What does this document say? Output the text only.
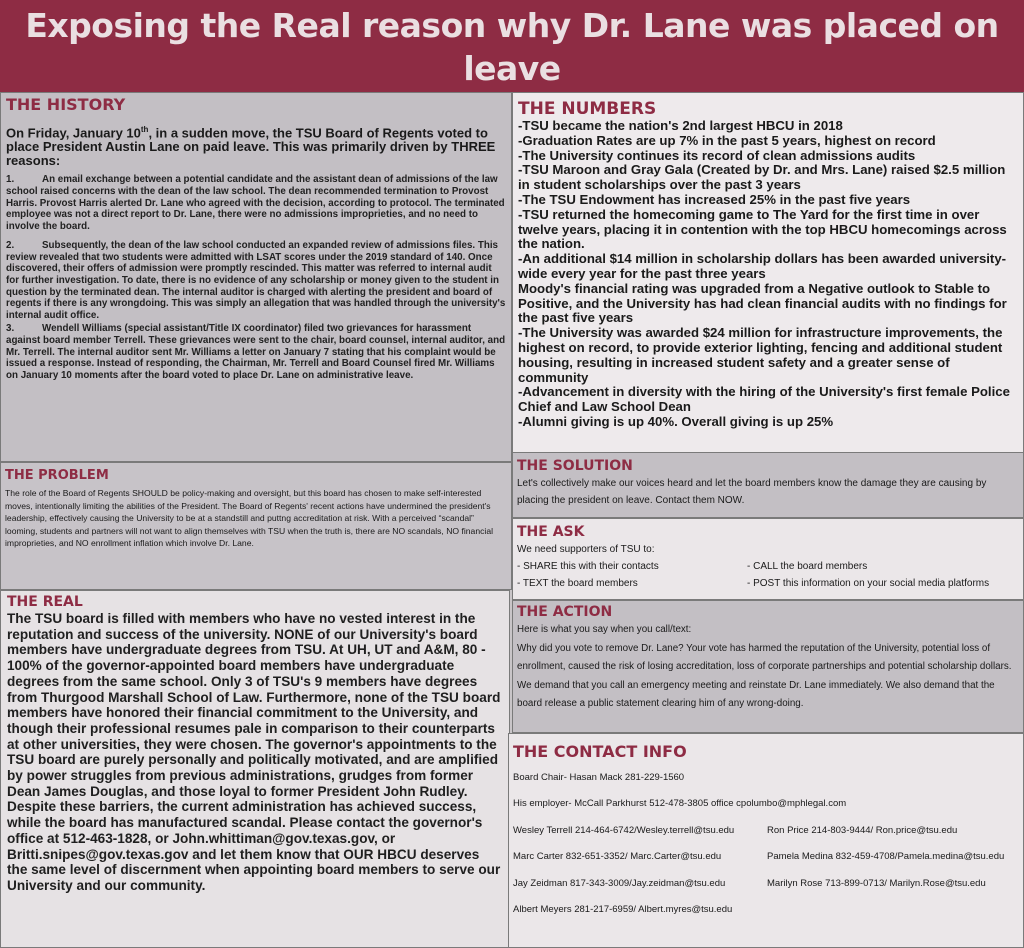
Exposing the Real reason why Dr. Lane was placed on leave
THE HISTORY
On Friday, January 10th, in a sudden move, the TSU Board of Regents voted to place President Austin Lane on paid leave. This was primarily driven by THREE reasons:
1.	An email exchange between a potential candidate and the assistant dean of admissions of the law school raised concerns with the dean of the law school. The dean recommended termination to Provost Harris. Provost Harris alerted Dr. Lane who agreed with the decision, according to protocol. The terminated employee was not a direct report to Dr. Lane, there were no admissions improprieties, and no need to involve the board.
2.	Subsequently, the dean of the law school conducted an expanded review of admissions files. This review revealed that two students were admitted with LSAT scores under the 2019 standard of 140. Once discovered, their offers of admission were promptly rescinded. This matter was referred to internal audit for further investigation. To date, there is no evidence of any scholarship or money given to the student in question by the terminated dean. The internal auditor is charged with alerting the president and board of regents if there is any wrongdoing. This was simply an allegation that was handled through the university's internal audit office.
3.	Wendell Williams (special assistant/Title IX coordinator) filed two grievances for harassment against board member Terrell. These grievances were sent to the chair, board counsel, internal auditor, and Mr. Terrell. The internal auditor sent Mr. Williams a letter on January 7 stating that his complaint would be issued a response. Instead of responding, the Chairman, Mr. Terrell and Board Counsel fired Mr. Williams on January 10 moments after the board voted to place Dr. Lane on administrative leave.
THE NUMBERS
-TSU became the nation's 2nd largest HBCU in 2018
-Graduation Rates are up 7% in the past 5 years, highest on record
-The University continues its record of clean admissions audits
-TSU Maroon and Gray Gala (Created by Dr. and Mrs. Lane) raised $2.5 million in student scholarships over the past 3 years
-The TSU Endowment has increased 25% in the past five years
-TSU returned the homecoming game to The Yard for the first time in over twelve years, placing it in contention with the top HBCU homecomings across the nation.
-An additional $14 million in scholarship dollars has been awarded university-wide every year for the past three years
Moody's financial rating was upgraded from a Negative outlook to Stable to Positive, and the University has had clean financial audits with no findings for the past five years
-The University was awarded $24 million for infrastructure improvements, the highest on record, to provide exterior lighting, fencing and additional student housing, resulting in increased student safety and a greater sense of community
-Advancement in diversity with the hiring of the University's first female Police Chief and Law School Dean
-Alumni giving is up 40%. Overall giving is up 25%
THE PROBLEM
The role of the Board of Regents SHOULD be policy-making and oversight, but this board has chosen to make self-interested moves, intentionally limiting the abilities of the President. The Board of Regents' recent actions have undermined the president's leadership, effectively causing the University to be at a standstill and puttng accreditation at risk. With a perceived “scandal” looming, students and partners will not want to align themselves with TSU when the truth is, there are NO scandals, NO financial improprieties, and NO enrollment inflation which involve Dr. Lane.
THE SOLUTION
Let's collectively make our voices heard and let the board members know the damage they are causing by placing the president on leave. Contact them NOW.
THE ASK
We need supporters of TSU to:
- SHARE this with their contacts	- CALL the board members
- TEXT the board members	- POST this information on your social media platforms
THE REAL
The TSU board is filled with members who have no vested interest in the reputation and success of the university. NONE of our University's board members have undergraduate degrees from TSU. At UH, UT and A&M, 80 - 100% of the governor-appointed board members have undergraduate degrees from the same school. Only 3 of TSU's 9 members have degrees from Thurgood Marshall School of Law. Furthermore, none of the TSU board members have honored their financial commitment to the University, and though their professional resumes pale in comparison to their counterparts at other universities, they were chosen. The governor's appointments to the TSU board are purely personally and politically motivated, and are amplified by power struggles from previous administrations, grudges from former Dean James Douglas, and those loyal to former President John Rudley. Despite these barriers, the current administration has achieved success, while the board has manufactured scandal. Please contact the governor's office at 512-463-1828, or John.whittiman@gov.texas.gov, or Britti.snipes@gov.texas.gov and let them know that OUR HBCU deserves the same level of discernment when appointing board members to serve our University and our community.
THE ACTION
Here is what you say when you call/text:
Why did you vote to remove Dr. Lane? Your vote has harmed the reputation of the University, potential loss of enrollment, caused the risk of losing accreditation, loss of corporate partnerships and potential scholarship dollars. We demand that you call an emergency meeting and reinstate Dr. Lane immediately. We also demand that the board release a public statement clearing him of any wrong-doing.
THE CONTACT INFO
Board Chair- Hasan Mack 281-229-1560
His employer- McCall Parkhurst 512-478-3805 office cpolumbo@mphlegal.com
Wesley Terrell 214-464-6742/Wesley.terrell@tsu.edu	Ron Price 214-803-9444/ Ron.price@tsu.edu
Marc Carter 832-651-3352/ Marc.Carter@tsu.edu	Pamela Medina 832-459-4708/Pamela.medina@tsu.edu
Jay Zeidman 817-343-3009/Jay.zeidman@tsu.edu	Marilyn Rose 713-899-0713/ Marilyn.Rose@tsu.edu
Albert Meyers 281-217-6959/ Albert.myres@tsu.edu
